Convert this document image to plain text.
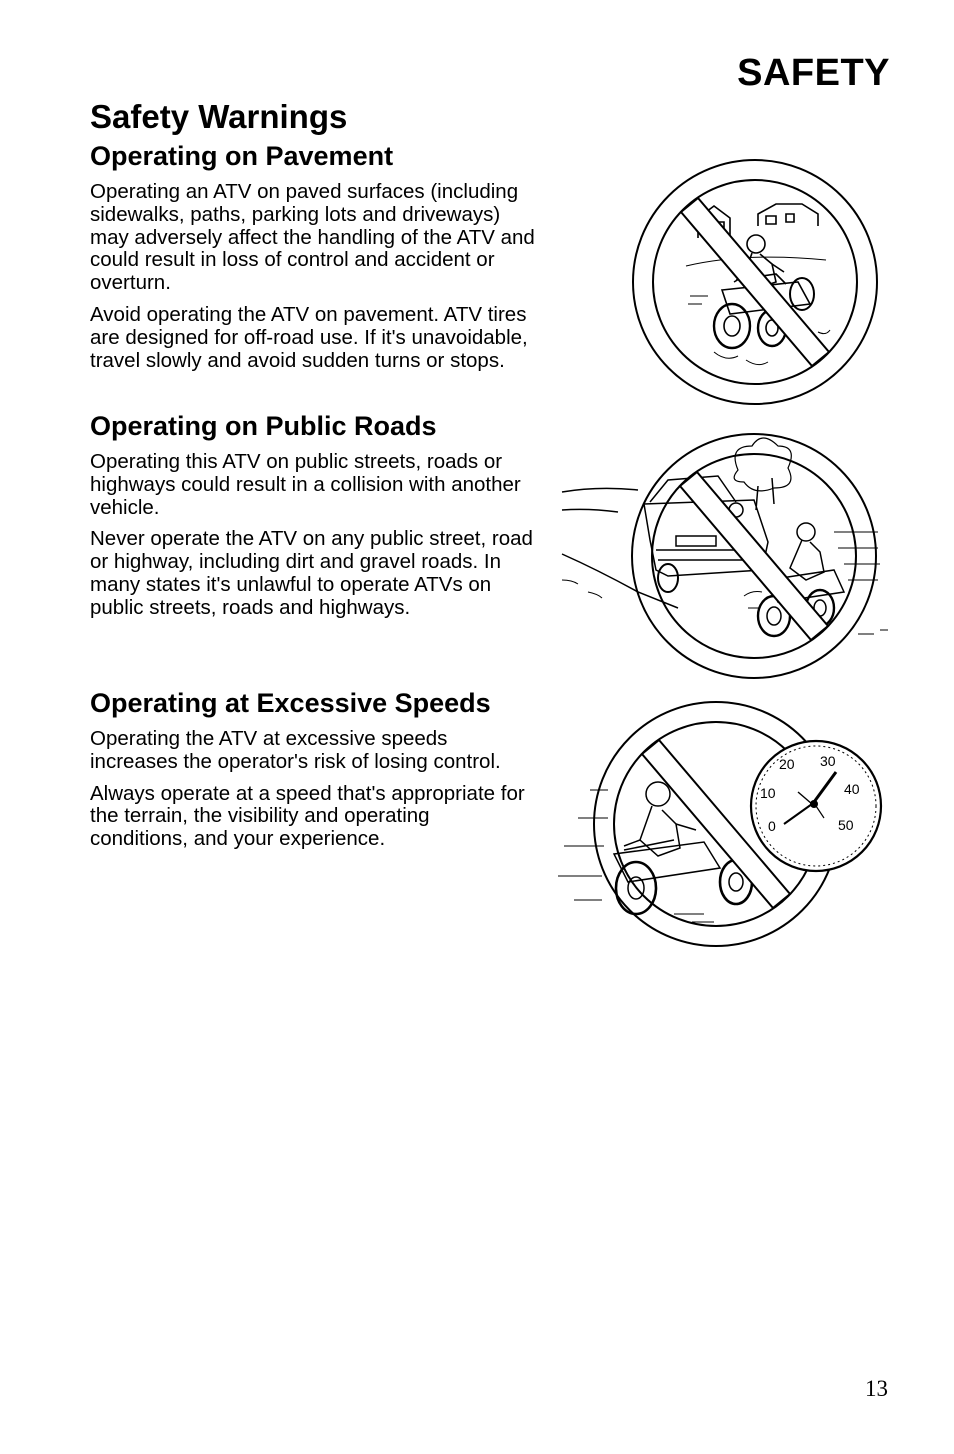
SAFETY
Safety Warnings
Operating on Pavement

Operating an ATV on paved surfaces (including sidewalks, paths, parking lots and driveways) may adversely affect the handling of the ATV and could result in loss of control and accident or overturn.

Avoid operating the ATV on pavement. ATV tires are designed for off-road use. If it's unavoidable, travel slowly and avoid sudden turns or stops.

Operating on Public Roads

Operating this ATV on public streets, roads or highways could result in a collision with another vehicle.

Never operate the ATV on any public street, road or highway, including dirt and gravel roads. In many states it's unlawful to operate ATVs on public streets, roads and highways.

Operating at Excessive Speeds

Operating the ATV at excessive speeds increases the operator's risk of losing control.

Always operate at a speed that's appropriate for the terrain, the visibility and operating conditions, and your experience.

0
10
20 30
40
50

13
